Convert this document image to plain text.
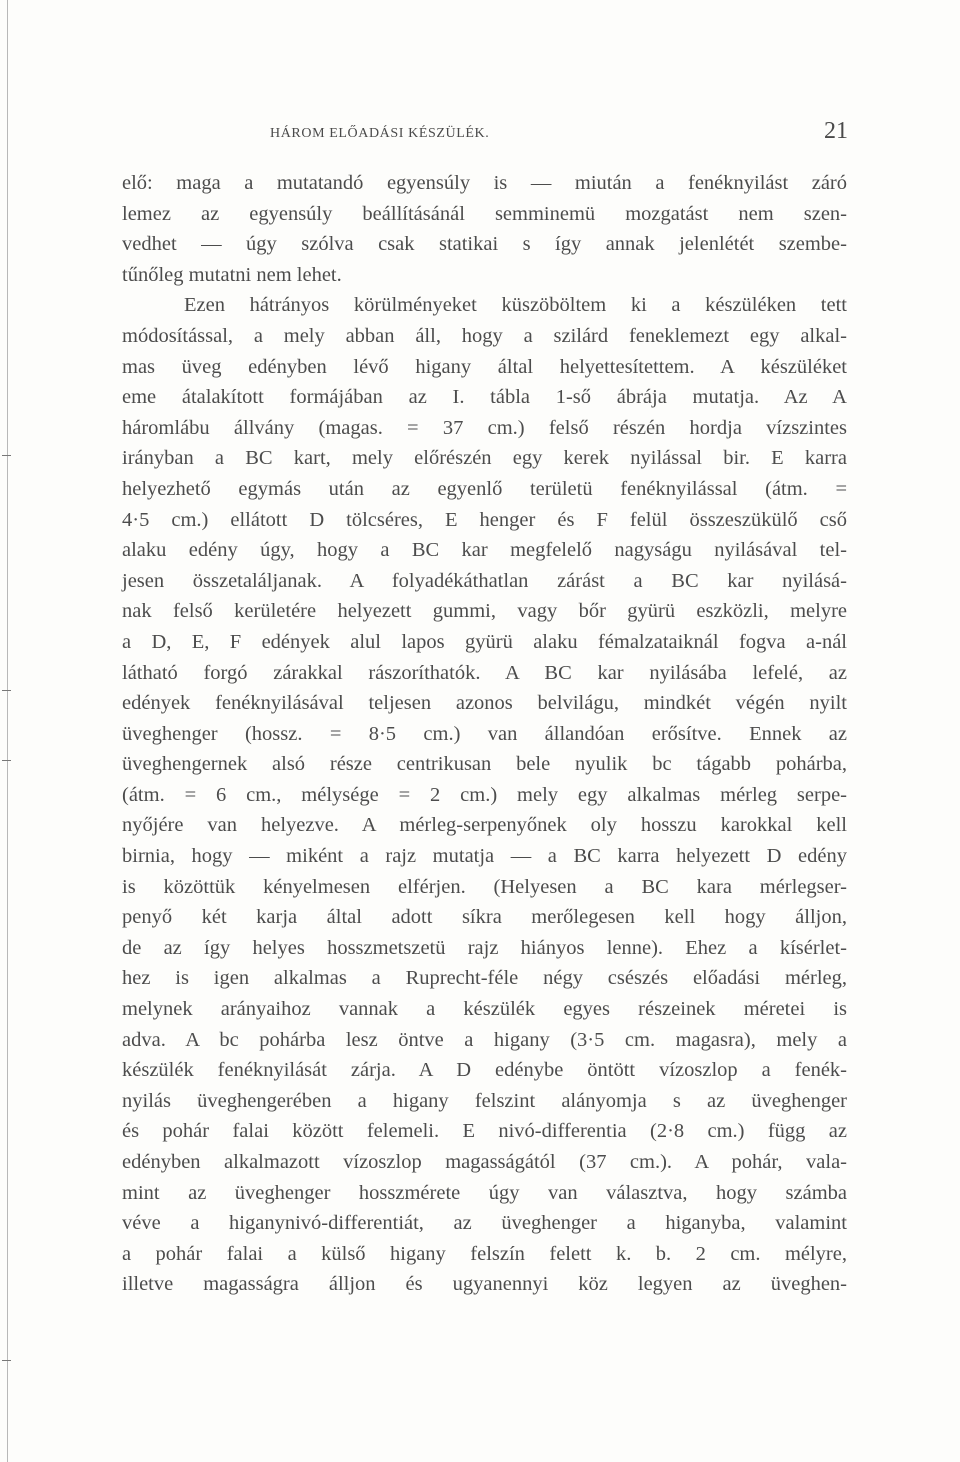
HÁROM ELŐADÁSI KÉSZÜLÉK.	21
elő: maga a mutatandó egyensúly is — miután a fenéknyilást záró
lemez az egyensúly beállításánál semminemü mozgatást nem szen-
vedhet — úgy szólva csak statikai s így annak jelenlétét szembe-
tűnőleg mutatni nem lehet.
Ezen hátrányos körülményeket küszöböltem ki a készüléken tett
módosítással, a mely abban áll, hogy a szilárd feneklemezt egy alkal-
mas üveg edényben lévő higany által helyettesítettem. A készüléket
eme átalakított formájában az I. tábla 1-ső ábrája mutatja. Az A
háromlábu állvány (magas. = 37 cm.) felső részén hordja vízszintes
irányban a BC kart, mely előrészén egy kerek nyilással bir. E karra
helyezhető egymás után az egyenlő területü fenéknyilással (átm. =
4·5 cm.) ellátott D tölcséres, E henger és F felül összeszükülő cső
alaku edény úgy, hogy a BC kar megfelelő nagyságu nyilásával tel-
jesen összetaláljanak. A folyadékáthatlan zárást a BC kar nyilásá-
nak felső kerületére helyezett gummi, vagy bőr gyürü eszközli, melyre
a D, E, F edények alul lapos gyürü alaku fémalzataiknál fogva a-nál
látható forgó zárakkal rászoríthatók. A BC kar nyilásába lefelé, az
edények fenéknyilásával teljesen azonos belvilágu, mindkét végén nyilt
üveghenger (hossz. = 8·5 cm.) van állandóan erősítve. Ennek az
üveghengernek alsó része centrikusan bele nyulik bc tágabb pohárba,
(átm. = 6 cm., mélysége = 2 cm.) mely egy alkalmas mérleg serpe-
nyőjére van helyezve. A mérleg-serpenyőnek oly hosszu karokkal kell
birnia, hogy — miként a rajz mutatja — a BC karra helyezett D edény
is közöttük kényelmesen elférjen. (Helyesen a BC kara mérlegser-
penyő két karja által adott síkra merőlegesen kell hogy álljon,
de az így helyes hosszmetszetü rajz hiányos lenne). Ehez a kísérlet-
hez is igen alkalmas a Ruprecht-féle négy csészés előadási mérleg,
melynek arányaihoz vannak a készülék egyes részeinek méretei is
adva. A bc pohárba lesz öntve a higany (3·5 cm. magasra), mely a
készülék fenéknyilását zárja. A D edénybe öntött vízoszlop a fenék-
nyilás üveghengerében a higany felszint alányomja s az üveghenger
és pohár falai között felemeli. E nivó-differentia (2·8 cm.) függ az
edényben alkalmazott vízoszlop magasságától (37 cm.). A pohár, vala-
mint az üveghenger hosszmérete úgy van választva, hogy számba
véve a higanynivó-differentiát, az üveghenger a higanyba, valamint
a pohár falai a külső higany felszín felett k. b. 2 cm. mélyre,
illetve magasságra álljon és ugyanennyi köz legyen az üveghen-
